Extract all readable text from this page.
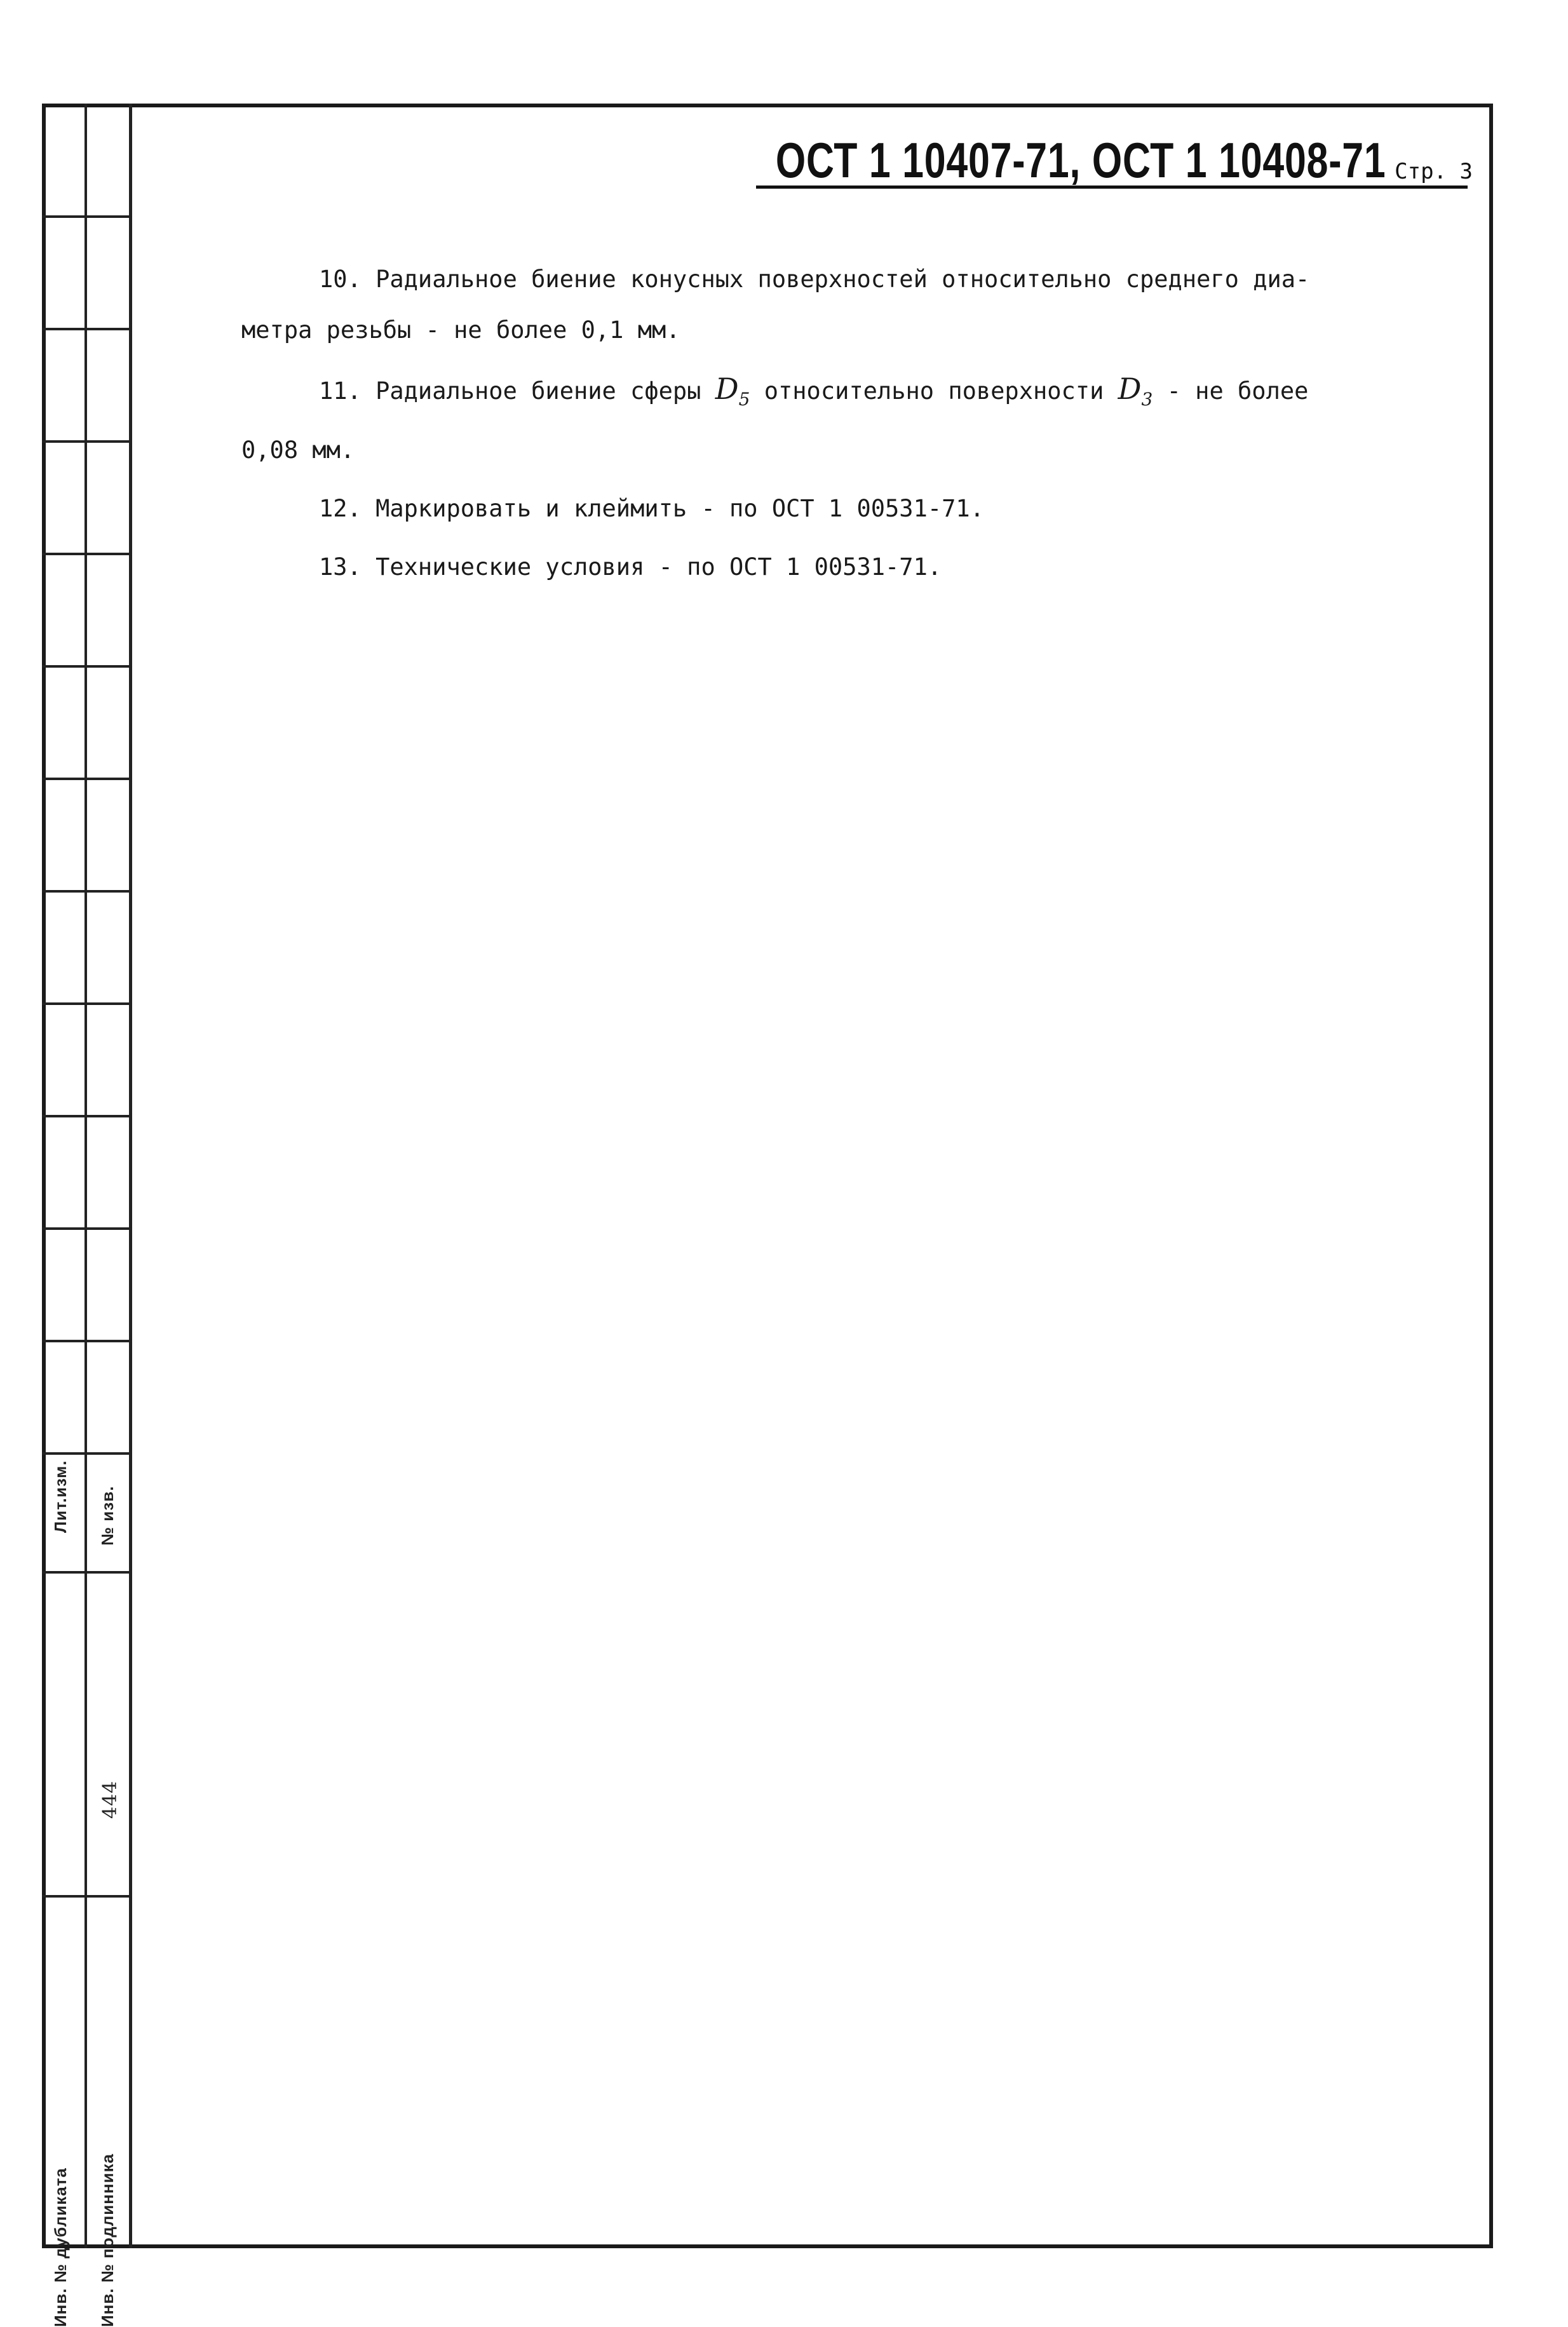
Лит.изм. № изв.
444
Инв. № дубликата Инв. № подлинника
ОСТ 1 10407-71, ОСТ 1 10408-71 Стр. 3

10. Радиальное биение конусных поверхностей относительно среднего диа-
метра резьбы - не более 0,1 мм.

11. Радиальное биение сферы $D_5$ относительно поверхности $D_3$ - не более
0,08 мм.

12. Маркировать и клеймить - по ОСТ 1 00531-71.

13. Технические условия - по ОСТ 1 00531-71.
